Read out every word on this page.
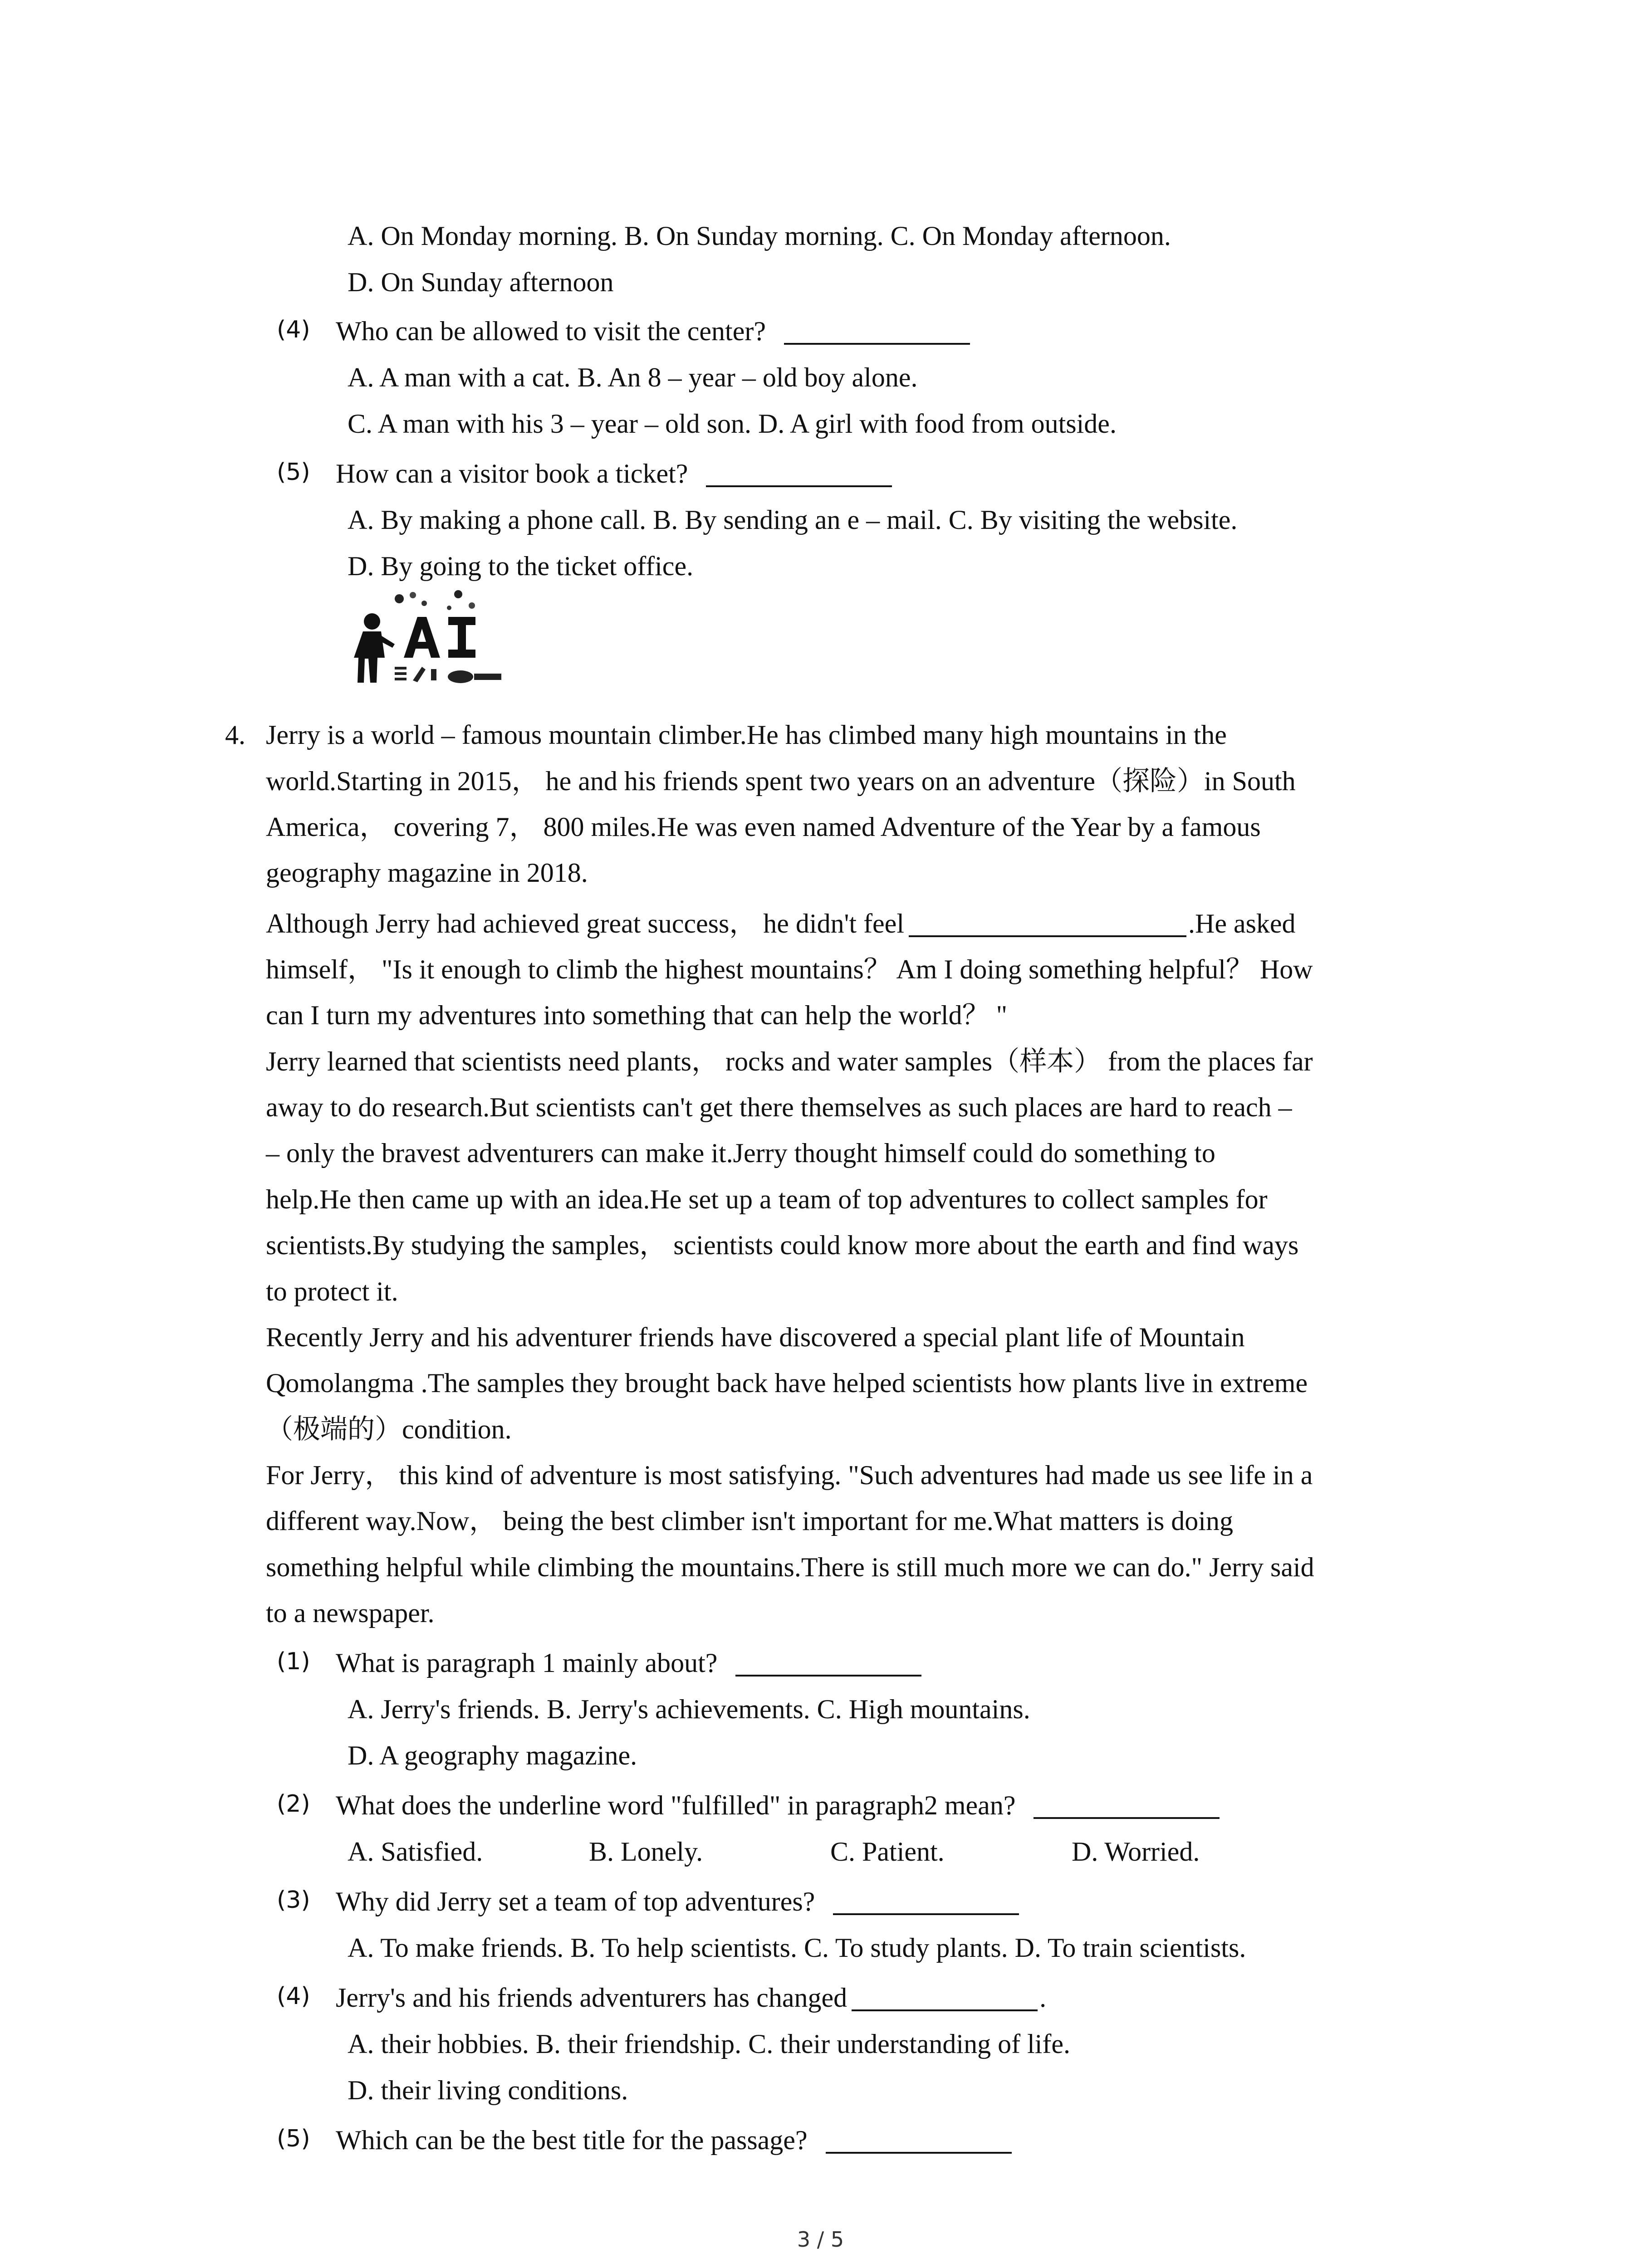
A. On Monday morning. B. On Sunday morning. C. On Monday afternoon.
D. On Sunday afternoon
(4) Who can be allowed to visit the center?
A. A man with a cat. B. An 8 – year – old boy alone.
C. A man with his 3 – year – old son. D. A girl with food from outside.
(5) How can a visitor book a ticket?
A. By making a phone call. B. By sending an e – mail. C. By visiting the website.
D. By going to the ticket office.
4. Jerry is a world – famous mountain climber.He has climbed many high mountains in the
world.Starting in 2015， he and his friends spent two years on an adventure（探险）in South
America， covering 7， 800 miles.He was even named Adventure of the Year by a famous
geography magazine in 2018.
Although Jerry had achieved great success， he didn't feel	.He asked
himself， "Is it enough to climb the highest mountains？ Am I doing something helpful？ How
can I turn my adventures into something that can help the world？ "
Jerry learned that scientists need plants， rocks and water samples（样本） from the places far
away to do research.But scientists can't get there themselves as such places are hard to reach –
– only the bravest adventurers can make it.Jerry thought himself could do something to
help.He then came up with an idea.He set up a team of top adventures to collect samples for
scientists.By studying the samples， scientists could know more about the earth and find ways
to protect it.
Recently Jerry and his adventurer friends have discovered a special plant life of Mountain
Qomolangma .The samples they brought back have helped scientists how plants live in extreme
（极端的）condition.
For Jerry， this kind of adventure is most satisfying. "Such adventures had made us see life in a
different way.Now， being the best climber isn't important for me.What matters is doing
something helpful while climbing the mountains.There is still much more we can do." Jerry said
to a newspaper.
(1) What is paragraph 1 mainly about?
A. Jerry's friends. B. Jerry's achievements. C. High mountains.
D. A geography magazine.
(2) What does the underline word "fulfilled" in paragraph2 mean?
A. Satisfied.	B. Lonely.	C. Patient.	D. Worried.
(3) Why did Jerry set a team of top adventures?
A. To make friends. B. To help scientists. C. To study plants. D. To train scientists.
(4) Jerry's and his friends adventurers has changed	.
A. their hobbies. B. their friendship. C. their understanding of life.
D. their living conditions.
(5) Which can be the best title for the passage?
3 / 5
